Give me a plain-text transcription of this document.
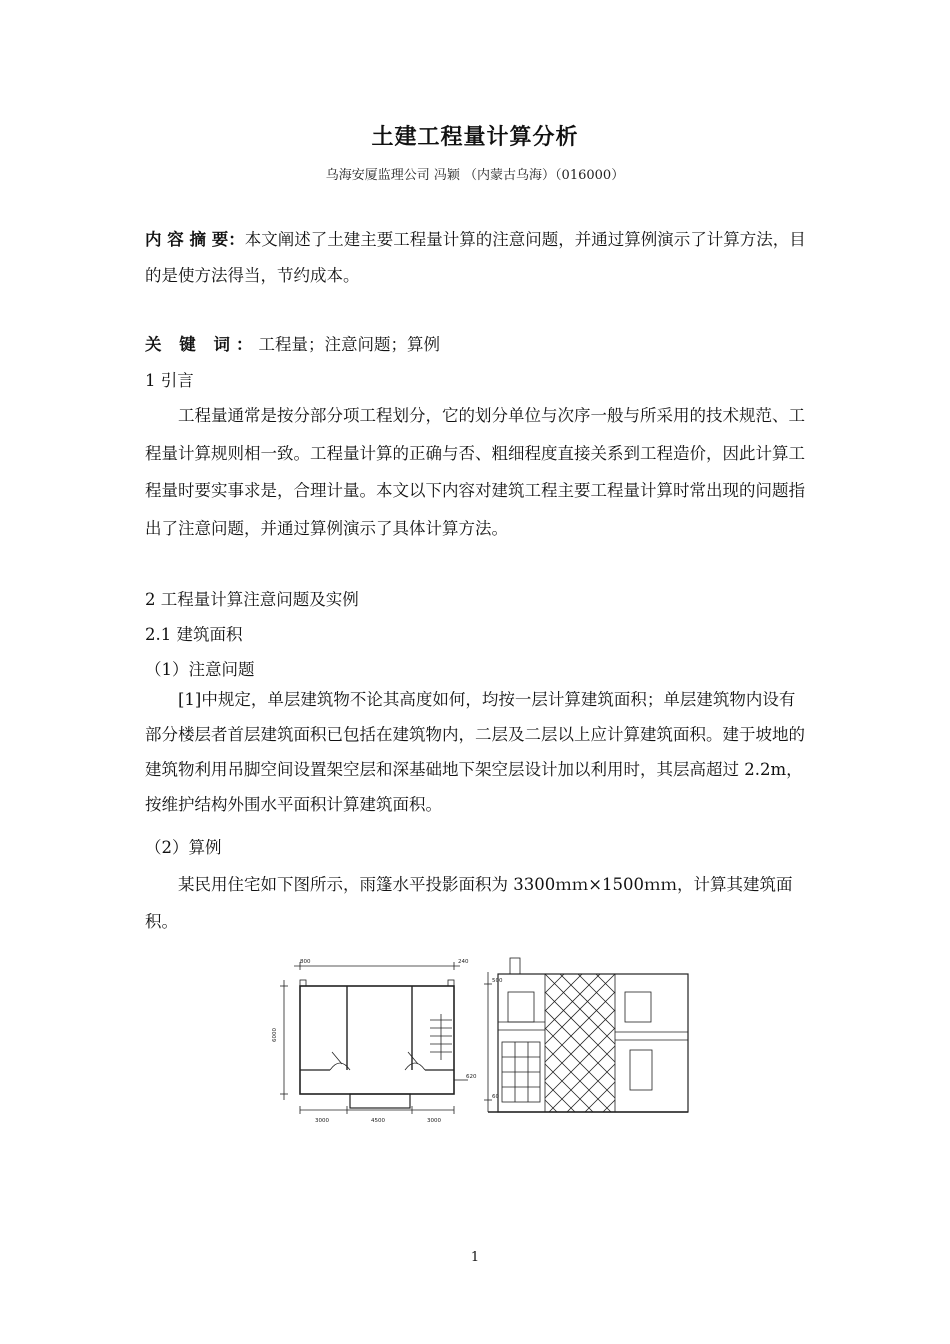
土建工程量计算分析
乌海安厦监理公司 冯颖 （内蒙古乌海）（016000）
内 容 摘 要：本文阐述了土建主要工程量计算的注意问题，并通过算例演示了计算方法，目的是使方法得当，节约成本。
关 键 词：工程量；注意问题；算例
1 引言
工程量通常是按分部分项工程划分，它的划分单位与次序一般与所采用的技术规范、工程量计算规则相一致。工程量计算的正确与否、粗细程度直接关系到工程造价，因此计算工程量时要实事求是，合理计量。本文以下内容对建筑工程主要工程量计算时常出现的问题指出了注意问题，并通过算例演示了具体计算方法。
2 工程量计算注意问题及实例
2.1 建筑面积
（1）注意问题
[1]中规定，单层建筑物不论其高度如何，均按一层计算建筑面积；单层建筑物内设有部分楼层者首层建筑面积已包括在建筑物内，二层及二层以上应计算建筑面积。建于坡地的建筑物利用吊脚空间设置架空层和深基础地下架空层设计加以利用时，其层高超过 2.2m，按维护结构外围水平面积计算建筑面积。
（2）算例
某民用住宅如下图所示，雨篷水平投影面积为 3300ｍｍ×1500ｍｍ，计算其建筑面积。
800	240
6000
620
3000	4500	3000
500
60
1
